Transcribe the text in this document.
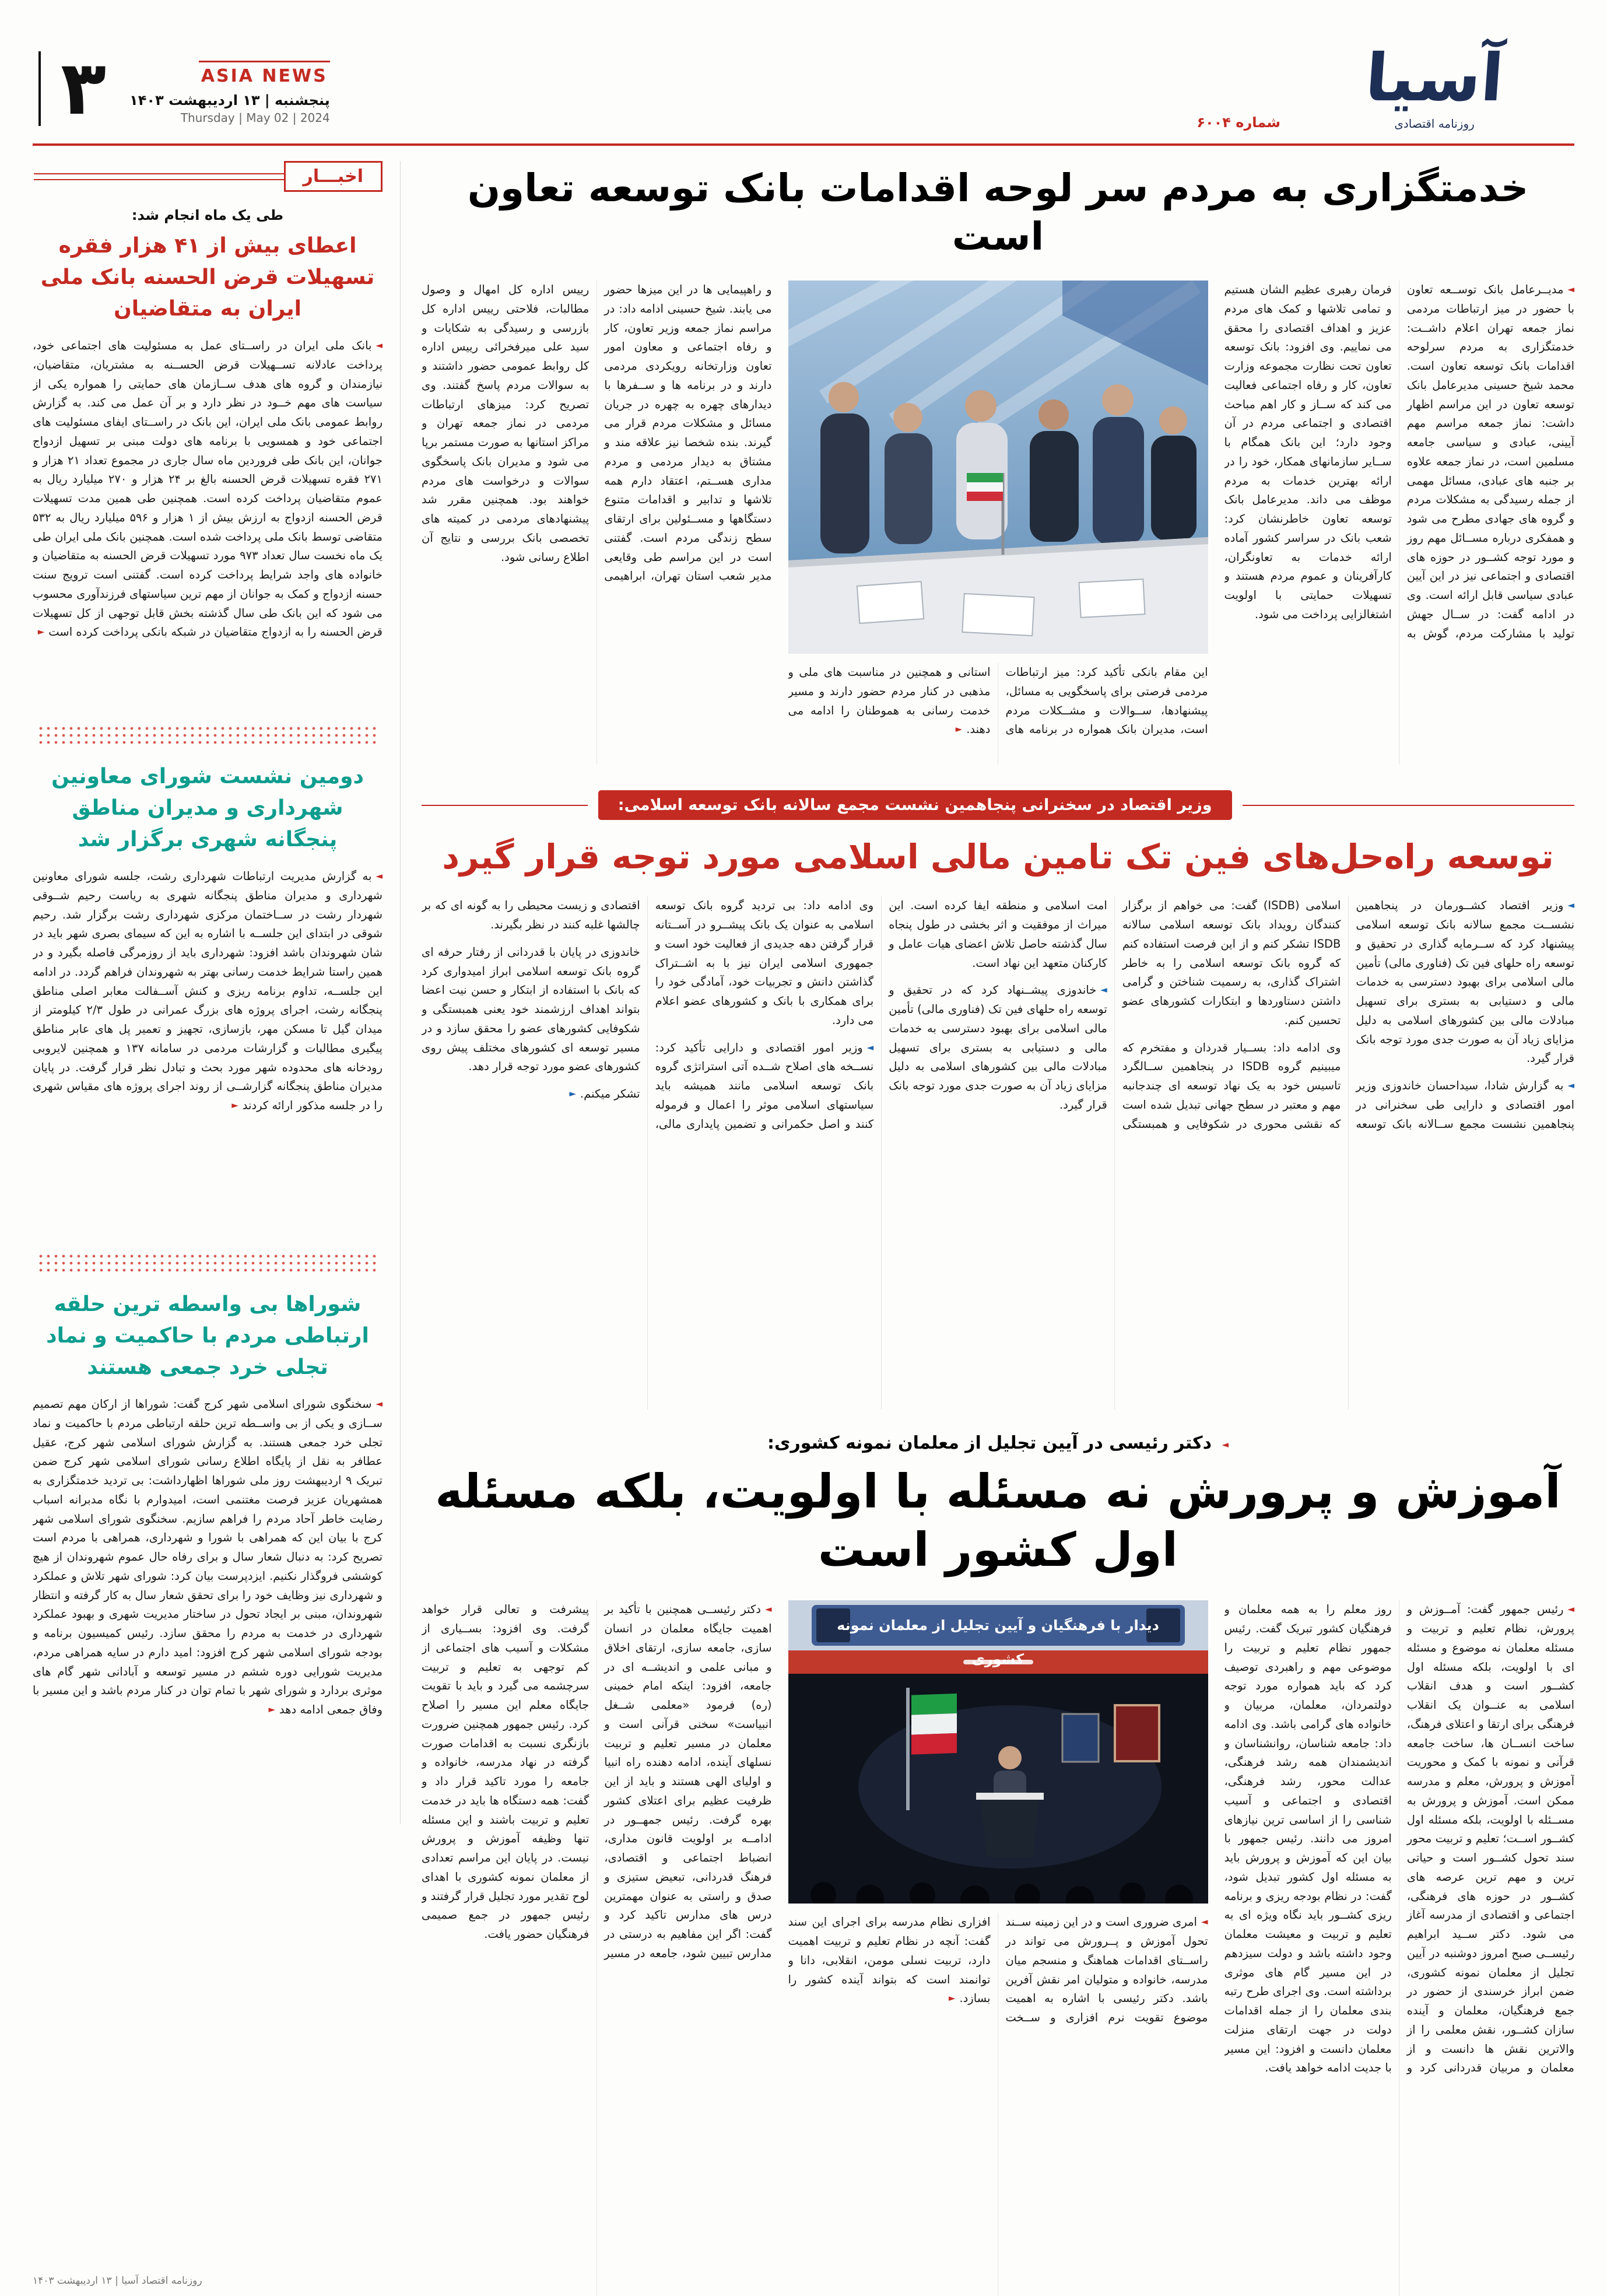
آسیا
روزنامه اقتصادی
شماره ۶۰۰۴
ASIA NEWS
پنجشنبه | ۱۳ اردیبهشت ۱۴۰۳
Thursday | May 02 | 2024
۳
خدمتگزاری به مردم سر لوحه اقدامات بانک توسعه تعاون است
◄مدیــرعامل بانک توســعه تعاون با حضور در میز ارتباطات مردمی نماز جمعه تهران اعلام داشــت: خدمتگزاری به مردم سرلوحه اقدامات بانک توسعه تعاون است. محمد شیخ حسینی مدیرعامل بانک توسعه تعاون در این مراسم اظهار داشت: نماز جمعه مراسم مهم آیینی، عبادی و سیاسی جامعه مسلمین است، در نماز جمعه علاوه بر جنبه های عبادی، مسائل مهمی از جمله رسیدگی به مشکلات مردم و گروه های جهادی مطرح می شود و همفکری درباره مســائل مهم روز و مورد توجه کشــور در حوزه های اقتصادی و اجتماعی نیز در این آیین عبادی سیاسی قابل ارائه است. وی در ادامه گفت: در ســال جهش تولید با مشارکت مردم، گوش به فرمان رهبری عظیم الشان هستیم و تمامی تلاشها و کمک های مردم عزیز و اهداف اقتصادی را محقق می نماییم. وی افزود: بانک توسعه تعاون تحت نظارت مجموعه وزارت تعاون، کار و رفاه اجتماعی فعالیت می کند که ســاز و کار اهم مباحث اقتصادی و اجتماعی مردم در آن وجود دارد؛ این بانک همگام با ســایر سازمانهای همکار، خود را در ارائه بهترین خدمات به مردم موظف می داند. مدیرعامل بانک توسعه تعاون خاطرنشان کرد: شعب بانک در سراسر کشور آماده ارائه خدمات به تعاونگران، کارآفرینان و عموم مردم هستند و تسهیلات حمایتی با اولویت اشتغالزایی پرداخت می شود.
این مقام بانکی تأکید کرد: میز ارتباطات مردمی فرصتی برای پاسخگویی به مسائل، پیشنهادها، ســوالات و مشــکلات مردم است، مدیران بانک همواره در برنامه های استانی و همچنین در مناسبت های ملی و مذهبی در کنار مردم حضور دارند و مسیر خدمت رسانی به هموطنان را ادامه می دهند.►
و راهپیمایی ها در این میزها حضور می یابند. شیخ حسینی ادامه داد: در مراسم نماز جمعه وزیر تعاون، کار و رفاه اجتماعی و معاون امور تعاون وزارتخانه رویکردی مردمی دارند و در برنامه ها و ســفرها با دیدارهای چهره به چهره در جریان مسائل و مشکلات مردم قرار می گیرند. بنده شخصا نیز علاقه مند و مشتاق به دیدار مردمی و مردم مداری هســتم، اعتقاد دارم همه تلاشها و تدابیر و اقدامات متنوع دستگاهها و مســئولین برای ارتقای سطح زندگی مردم است. گفتنی است در این مراسم طی وقایعی مدیر شعب استان تهران، ابراهیمی رییس اداره کل امهال و وصول مطالبات، فلاحتی رییس اداره کل بازرسی و رسیدگی به شکایات و سید علی میرفخرائی رییس اداره کل روابط عمومی حضور داشتند و به سوالات مردم پاسخ گفتند. وی تصریح کرد: میزهای ارتباطات مردمی در نماز جمعه تهران و مراکز استانها به صورت مستمر برپا می شود و مدیران بانک پاسخگوی سوالات و درخواست های مردم خواهند بود. همچنین مقرر شد پیشنهادهای مردمی در کمیته های تخصصی بانک بررسی و نتایج آن اطلاع رسانی شود.
وزیر اقتصاد در سخنرانی پنجاهمین نشست مجمع سالانه بانک توسعه اسلامی:
توسعه راه‌حل‌های فین تک تامین مالی اسلامی مورد توجه قرار گیرد

◄وزیر اقتصاد کشــورمان در پنجاهمین نشســت مجمع سالانه بانک توسعه اسلامی پیشنهاد کرد که ســرمایه گذاری در تحقیق و توسعه راه حلهای فین تک (فناوری مالی) تأمین مالی اسلامی برای بهبود دسترسی به خدمات مالی و دستیابی به بستری برای تسهیل مبادلات مالی بین کشورهای اسلامی به دلیل مزایای زیاد آن به صورت جدی مورد توجه بانک قرار گیرد.

◄به گزارش شادا، سیداحسان خاندوزی وزیر امور اقتصادی و دارایی طی سخنرانی در پنجاهمین نشست مجمع ســالانه بانک توسعه اسلامی (ISDB) گفت: می خواهم از برگزار کنندگان رویداد بانک توسعه اسلامی سالانه ISDB تشکر کنم و از این فرصت استفاده کنم که گروه بانک توسعه اسلامی را به خاطر اشتراک گذاری، به رسمیت شناختن و گرامی داشتن دستاوردها و ابتکارات کشورهای عضو تحسین کنم.

وی ادامه داد: بســیار قدردان و مفتخرم که میبینیم گروه ISDB در پنجاهمین ســالگرد تاسیس خود به یک نهاد توسعه ای چندجانبه مهم و معتبر در سطح جهانی تبدیل شده است که نقشی محوری در شکوفایی و همبستگی امت اسلامی و منطقه ایفا کرده است. این میراث از موفقیت و اثر بخشی در طول پنجاه سال گذشته حاصل تلاش اعضای هیات عامل و کارکنان متعهد این نهاد است.

◄خاندوزی پیشــنهاد کرد که در تحقیق و توسعه راه حلهای فین تک (فناوری مالی) تأمین مالی اسلامی برای بهبود دسترسی به خدمات مالی و دستیابی به بستری برای تسهیل مبادلات مالی بین کشورهای اسلامی به دلیل مزایای زیاد آن به صورت جدی مورد توجه بانک قرار گیرد.

وی ادامه داد: بی تردید گروه بانک توسعه اسلامی به عنوان یک بانک پیشــرو در آســتانه قرار گرفتن دهه جدیدی از فعالیت خود است و جمهوری اسلامی ایران نیز با به اشــتراک گذاشتن دانش و تجربیات خود، آمادگی خود را برای همکاری با بانک و کشورهای عضو اعلام می دارد.

◄وزیر امور اقتصادی و دارایی تأکید کرد: نســخه های اصلاح شــده آتی استراتژی گروه بانک توسعه اسلامی مانند همیشه باید سیاستهای اسلامی موثر را اعمال و فرموله کنند و اصل حکمرانی و تضمین پایداری مالی، اقتصادی و زیست محیطی را به گونه ای که بر چالشها غلبه کنند در نظر بگیرند.

خاندوزی در پایان با قدردانی از رفتار حرفه ای گروه بانک توسعه اسلامی ابراز امیدواری کرد که بانک با استفاده از ابتکار و حسن نیت اعضا بتواند اهداف ارزشمند خود یعنی همبستگی و شکوفایی کشورهای عضو را محقق سازد و در مسیر توسعه ای کشورهای مختلف پیش روی کشورهای عضو مورد توجه قرار دهد.

تشکر میکنم.►

◄ دکتر رئیسی در آیین تجلیل از معلمان نمونه کشوری:
آموزش و پرورش نه مسئله با اولویت، بلکه مسئله اول کشور است
◄رئیس جمهور گفت: آمــوزش و پرورش، نظام تعلیم و تربیت و مسئله معلمان نه موضوع و مسئله ای با اولویت، بلکه مسئله اول کشــور است و هدف انقلاب اسلامی به عنــوان یک انقلاب فرهنگی برای ارتقا و اعتلای فرهنگ، ساخت انســان ها، ساخت جامعه قرآنی و نمونه با کمک و محوریت آموزش و پرورش، معلم و مدرسه ممکن است. آموزش و پرورش به مســئله با اولویت، بلکه مسئله اول کشــور اســت؛ تعلیم و تربیت محور سند تحول کشــور است و حیاتی ترین و مهم ترین عرصه های کشــور در حوزه های فرهنگی، اجتماعی و اقتصادی از مدرسه آغاز می شود. دکتر ســید ابراهیم رئیســی صبح امروز دوشنبه در آیین تجلیل از معلمان نمونه کشوری، ضمن ابراز خرسندی از حضور در جمع فرهنگیان، معلمان و آینده سازان کشــور، نقش معلمی را از والاترین نقش ها دانست و از معلمان و مربیان قدردانی کرد و روز معلم را به همه معلمان و فرهنگیان کشور تبریک گفت. رئیس جمهور نظام تعلیم و تربیت را موضوعی مهم و راهبردی توصیف کرد که باید همواره مورد توجه دولتمردان، معلمان، مربیان و خانواده های گرامی باشد. وی ادامه داد: جامعه شناسان، روانشناسان و اندیشمندان همه رشد فرهنگی، عدالت محور، رشد فرهنگی، اقتصادی و اجتماعی و آسیب شناسی را از اساسی ترین نیازهای امروز می دانند. رئیس جمهور با بیان این که آموزش و پرورش باید به مسئله اول کشور تبدیل شود، گفت: در نظام بودجه ریزی و برنامه ریزی کشــور باید نگاه ویژه ای به تعلیم و تربیت و معیشت معلمان وجود داشته باشد و دولت سیزدهم در این مسیر گام های موثری برداشته است. وی اجرای طرح رتبه بندی معلمان را از جمله اقدامات دولت در جهت ارتقای منزلت معلمان دانست و افزود: این مسیر با جدیت ادامه خواهد یافت.
دیدار با فرهنگیان و آیین تجلیل از معلمان نمونه کشوری
◄امری ضروری است و در این زمینه ســند تحول آموزش و پــرورش می تواند در راســتای اقدامات هماهنگ و منسجم میان مدرسه، خانواده و متولیان امر نقش آفرین باشد. دکتر رئیسی با اشاره به اهمیت موضوع تقویت نرم افزاری و ســخت افزاری نظام مدرسه برای اجرای این سند گفت: آنچه در نظام تعلیم و تربیت اهمیت دارد، تربیت نسلی مومن، انقلابی، دانا و توانمند است که بتواند آینده کشور را بسازد.►
◄دکتر رئیســی همچنین با تأکید بر اهمیت جایگاه معلمان در انسان سازی، جامعه سازی، ارتقای اخلاق و مبانی علمی و اندیشــه ای در جامعه، افزود: اینکه امام خمینی (ره) فرمود «معلمی شــغل انبیاست» سخنی قرآنی است و معلمان در مسیر تعلیم و تربیت نسلهای آینده، ادامه دهنده راه انبیا و اولیای الهی هستند و باید از این ظرفیت عظیم برای اعتلای کشور بهره گرفت. رئیس جمهــور در ادامــه بر اولویت قانون مداری، انضباط اجتماعی و اقتصادی، فرهنگ قدردانی، تبعیض ستیزی و صدق و راستی به عنوان مهمترین درس های مدارس تاکید کرد و گفت: اگر این مفاهیم به درستی در مدارس تبیین شود، جامعه در مسیر پیشرفت و تعالی قرار خواهد گرفت. وی افزود: بســیاری از مشکلات و آسیب های اجتماعی از کم توجهی به تعلیم و تربیت سرچشمه می گیرد و باید با تقویت جایگاه معلم این مسیر را اصلاح کرد. رئیس جمهور همچنین ضرورت بازنگری نسبت به اقدامات صورت گرفته در نهاد مدرسه، خانواده و جامعه را مورد تاکید قرار داد و گفت: همه دستگاه ها باید در خدمت تعلیم و تربیت باشند و این مسئله تنها وظیفه آموزش و پرورش نیست. در پایان این مراسم تعدادی از معلمان نمونه کشوری با اهدای لوح تقدیر مورد تجلیل قرار گرفتند و رئیس جمهور در جمع صمیمی فرهنگیان حضور یافت.
اخبـــار
طی یک ماه انجام شد:
اعطای بیش از ۴۱ هزار فقره تسهیلات قرض الحسنه بانک ملی ایران به متقاضیان
◄بانک ملی ایران در راســتای عمل به مسئولیت های اجتماعی خود، پرداخت عادلانه تســهیلات قرض الحســنه به مشتریان، متقاضیان، نیازمندان و گروه های هدف ســازمان های حمایتی را همواره یکی از سیاست های مهم خــود در نظر دارد و بر آن عمل می کند. به گزارش روابط عمومی بانک ملی ایران، این بانک در راســتای ایفای مسئولیت های اجتماعی خود و همسویی با برنامه های دولت مبنی بر تسهیل ازدواج جوانان، این بانک طی فروردین ماه سال جاری در مجموع تعداد ۲۱ هزار و ۲۷۱ فقره تسهیلات قرض الحسنه بالغ بر ۲۴ هزار و ۲۷۰ میلیارد ریال به عموم متقاضیان پرداخت کرده است. همچنین طی همین مدت تسهیلات قرض الحسنه ازدواج به ارزش بیش از ۱ هزار و ۵۹۶ میلیارد ریال به ۵۳۲ متقاضی توسط بانک ملی پرداخت شده است. همچنین بانک ملی ایران طی یک ماه نخست سال تعداد ۹۷۳ مورد تسهیلات قرض الحسنه به متقاضیان و خانواده های واجد شرایط پرداخت کرده است. گفتنی است ترویج سنت حسنه ازدواج و کمک به جوانان از مهم ترین سیاستهای فرزندآوری محسوب می شود که این بانک طی سال گذشته بخش قابل توجهی از کل تسهیلات قرض الحسنه را به ازدواج متقاضیان در شبکه بانکی پرداخت کرده است►
دومین نشست شورای معاونین شهرداری و مدیران مناطق پنجگانه شهری برگزار شد
◄به گزارش مدیریت ارتباطات شهرداری رشت، جلسه شورای معاونین شهرداری و مدیران مناطق پنجگانه شهری به ریاست رحیم شــوقی شهردار رشت در ســاختمان مرکزی شهرداری رشت برگزار شد. رحیم شوقی در ابتدای این جلســه با اشاره به این که سیمای بصری شهر باید در شان شهروندان باشد افزود: شهرداری باید از روزمرگی فاصله بگیرد و در همین راستا شرایط خدمت رسانی بهتر به شهروندان فراهم گردد. در ادامه این جلســه، تداوم برنامه ریزی و کنش آســفالت معابر اصلی مناطق پنجگانه رشت، اجرای پروژه های بزرگ عمرانی در طول ۲/۳ کیلومتر از میدان گیل تا مسکن مهر، بازسازی، تجهیز و تعمیر پل های عابر مناطق پیگیری مطالبات و گزارشات مردمی در سامانه ۱۳۷ و همچنین لایروبی رودخانه های محدوده شهر مورد بحث و تبادل نظر قرار گرفت. در پایان مدیران مناطق پنجگانه گزارشــی از روند اجرای پروژه های مقیاس شهری را در جلسه مذکور ارائه کردند►
شوراها بی واسطه ترین حلقه ارتباطی مردم با حاکمیت و نماد تجلی خرد جمعی هستند
◄سخنگوی شورای اسلامی شهر کرج گفت: شوراها از ارکان مهم تصمیم ســازی و یکی از بی واســطه ترین حلقه ارتباطی مردم با حاکمیت و نماد تجلی خرد جمعی هستند. به گزارش شورای اسلامی شهر کرج، عقیل عطافر به نقل از پایگاه اطلاع رسانی شورای اسلامی شهر کرج ضمن تبریک ۹ اردیبهشت روز ملی شوراها اظهارداشت: بی تردید خدمتگزاری به همشهریان عزیز فرصت مغتنمی است، امیدوارم با نگاه مدبرانه اسباب رضایت خاطر آحاد مردم را فراهم سازیم. سخنگوی شورای اسلامی شهر کرج با بیان این که همراهی با شورا و شهرداری، همراهی با مردم است تصریح کرد: به دنبال شعار سال و برای رفاه حال عموم شهروندان از هیچ کوششی فروگذار نکنیم. ایزدپرست بیان کرد: شورای شهر تلاش و عملکرد و شهرداری نیز وظایف خود را برای تحقق شعار سال به کار گرفته و انتظار شهروندان، مبنی بر ایجاد تحول در ساختار مدیریت شهری و بهبود عملکرد شهرداری در خدمت به مردم را محقق سازد. رئیس کمیسیون برنامه و بودجه شورای اسلامی شهر کرج افزود: امید دارم در سایه همراهی مردم، مدیریت شورایی دوره ششم در مسیر توسعه و آبادانی شهر گام های موثری بردارد و شورای شهر با تمام توان در کنار مردم باشد و این مسیر با وفاق جمعی ادامه دهد►
روزنامه اقتصاد آسیا | ۱۳ اردیبهشت ۱۴۰۳
